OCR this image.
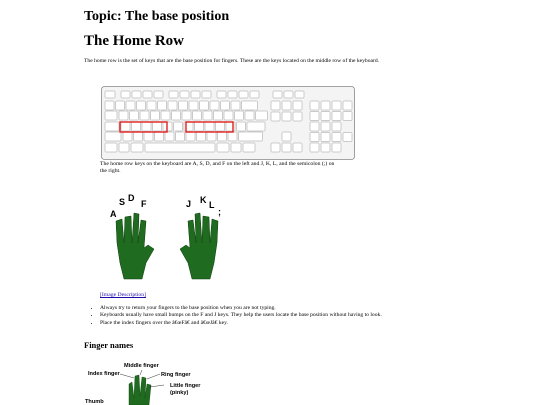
Topic: The base position
The Home Row

The home row is the set of keys that are the base position for fingers. These are the keys located on the middle row of the keyboard.

The home row keys on the keyboard are A, S, D, and F on the left and J, K, L, and the semicolon (;) on the right.

A
S D
F	J K L
;
[Image Description]
• Always try to return your fingers to the base position when you are not typing.
• Keyboards usually have small bumps on the F and J keys. They help the users locate the base position without having to look.
• Place the index fingers over the â€œFâ€ and â€œJâ€ key.
Finger names
Middle finger
Index finger	Ring finger
Little finger
(pinky)
Thumb
